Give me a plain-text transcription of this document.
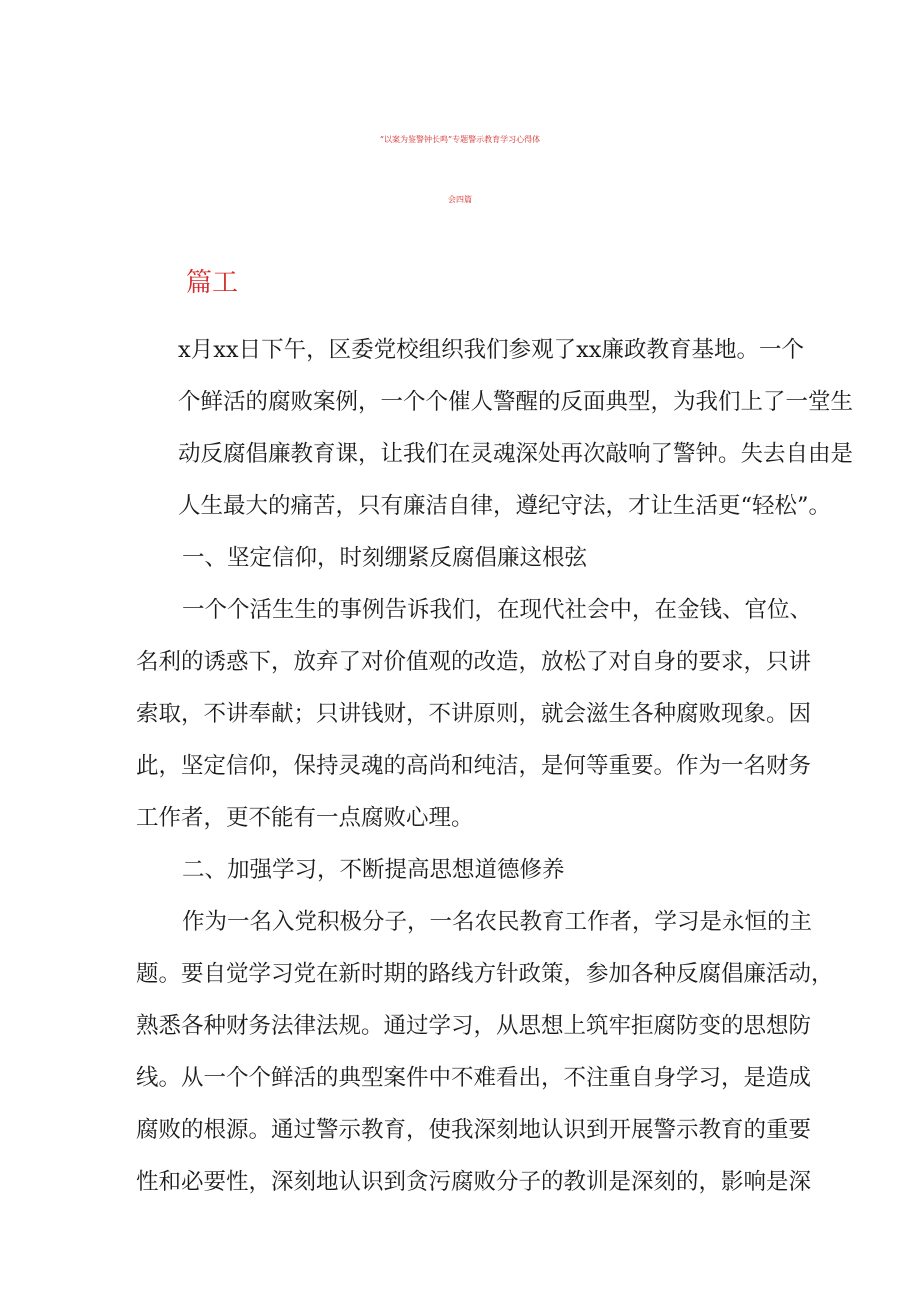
“以案为鉴警钟长鸣”专题警示教育学习心得体
会四篇
篇工
x月xx日下午，区委党校组织我们参观了xx廉政教育基地。一个
个鲜活的腐败案例，一个个催人警醒的反面典型，为我们上了一堂生
动反腐倡廉教育课，让我们在灵魂深处再次敲响了警钟。失去自由是
人生最大的痛苦，只有廉洁自律，遵纪守法，才让生活更“轻松”。
一、坚定信仰，时刻绷紧反腐倡廉这根弦
一个个活生生的事例告诉我们，在现代社会中，在金钱、官位、
名利的诱惑下，放弃了对价值观的改造，放松了对自身的要求，只讲
索取，不讲奉献；只讲钱财，不讲原则，就会滋生各种腐败现象。因
此，坚定信仰，保持灵魂的高尚和纯洁，是何等重要。作为一名财务
工作者，更不能有一点腐败心理。
二、加强学习，不断提高思想道德修养
作为一名入党积极分子，一名农民教育工作者，学习是永恒的主
题。要自觉学习党在新时期的路线方针政策，参加各种反腐倡廉活动，
熟悉各种财务法律法规。通过学习，从思想上筑牢拒腐防变的思想防
线。从一个个鲜活的典型案件中不难看出，不注重自身学习，是造成
腐败的根源。通过警示教育，使我深刻地认识到开展警示教育的重要
性和必要性，深刻地认识到贪污腐败分子的教训是深刻的，影响是深
